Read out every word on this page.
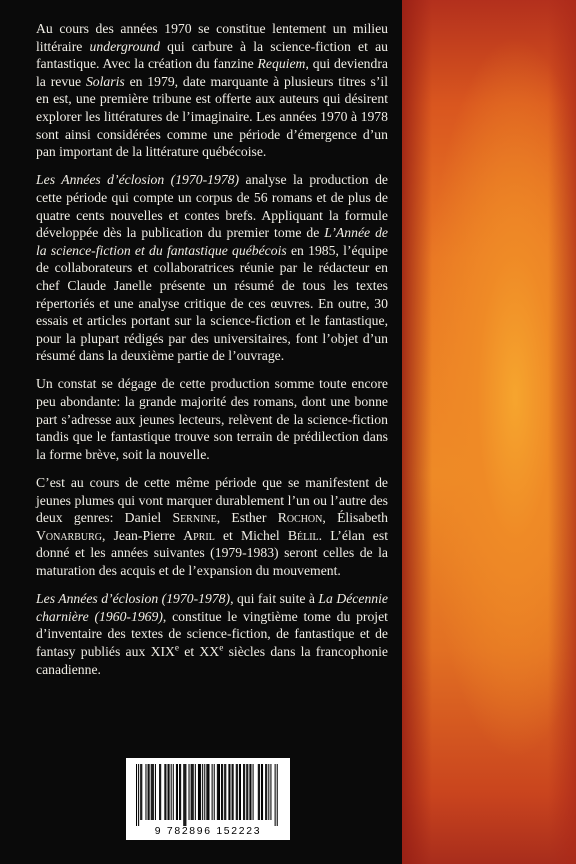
Au cours des années 1970 se constitue lentement un milieu littéraire underground qui carbure à la science-fiction et au fantastique. Avec la création du fanzine Requiem, qui deviendra la revue Solaris en 1979, date marquante à plusieurs titres s’il en est, une première tribune est offerte aux auteurs qui désirent explorer les littératures de l’imaginaire. Les années 1970 à 1978 sont ainsi considérées comme une période d’émergence d’un pan important de la littérature québécoise.

Les Années d’éclosion (1970-1978) analyse la production de cette période qui compte un corpus de 56 romans et de plus de quatre cents nouvelles et contes brefs. Appliquant la formule développée dès la publication du premier tome de L’Année de la science-fiction et du fantastique québécois en 1985, l’équipe de collaborateurs et collaboratrices réunie par le rédacteur en chef Claude Janelle présente un résumé de tous les textes répertoriés et une analyse critique de ces œuvres. En outre, 30 essais et articles portant sur la science-fiction et le fantastique, pour la plupart rédigés par des universitaires, font l’objet d’un résumé dans la deuxième partie de l’ouvrage.

Un constat se dégage de cette production somme toute encore peu abondante: la grande majorité des romans, dont une bonne part s’adresse aux jeunes lecteurs, relèvent de la science-fiction tandis que le fantastique trouve son terrain de prédilection dans la forme brève, soit la nouvelle.

C’est au cours de cette même période que se manifestent de jeunes plumes qui vont marquer durablement l’un ou l’autre des deux genres: Daniel Sernine, Esther Rochon, Élisabeth Vonarburg, Jean-Pierre April et Michel Bélil. L’élan est donné et les années suivantes (1979-1983) seront celles de la maturation des acquis et de l’expansion du mouvement.

Les Années d’éclosion (1970-1978), qui fait suite à La Décennie charnière (1960-1969), constitue le vingtième tome du projet d’inventaire des textes de science-fiction, de fantastique et de fantasy publiés aux XIXe et XXe siècles dans la francophonie canadienne.

9 782896 152223
